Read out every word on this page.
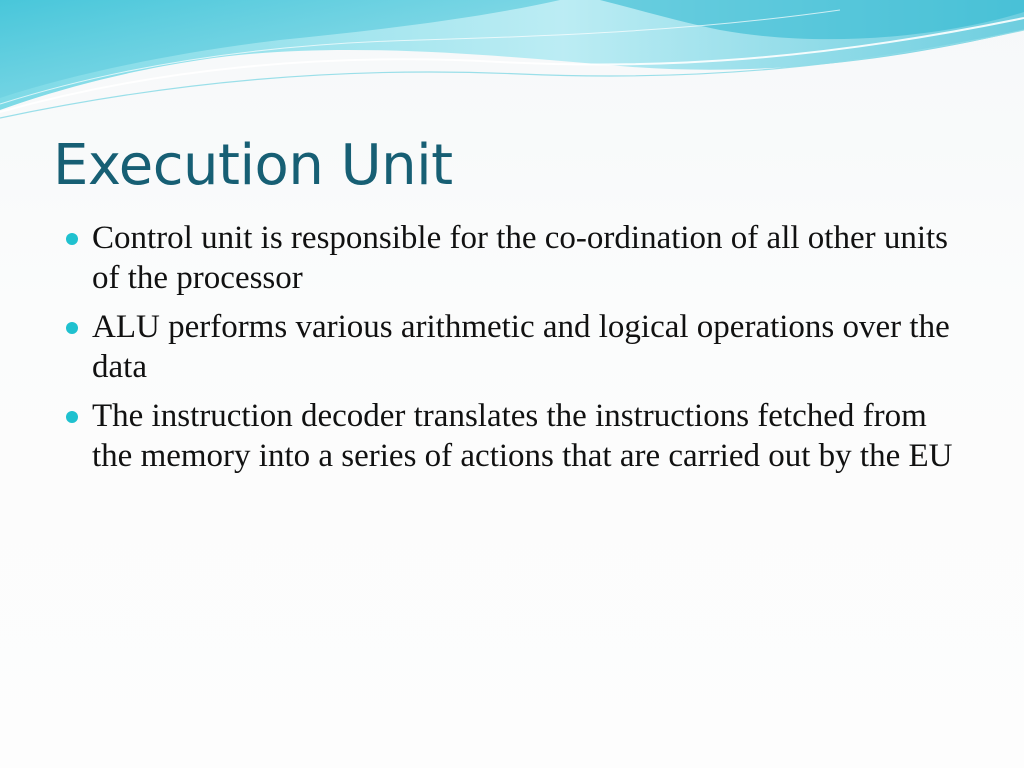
Execution Unit
Control unit is responsible for the co-ordination of all other units of the processor
ALU performs various arithmetic and logical operations over the data
The instruction decoder translates the instructions fetched from the memory into a series of actions that are carried out by the EU
